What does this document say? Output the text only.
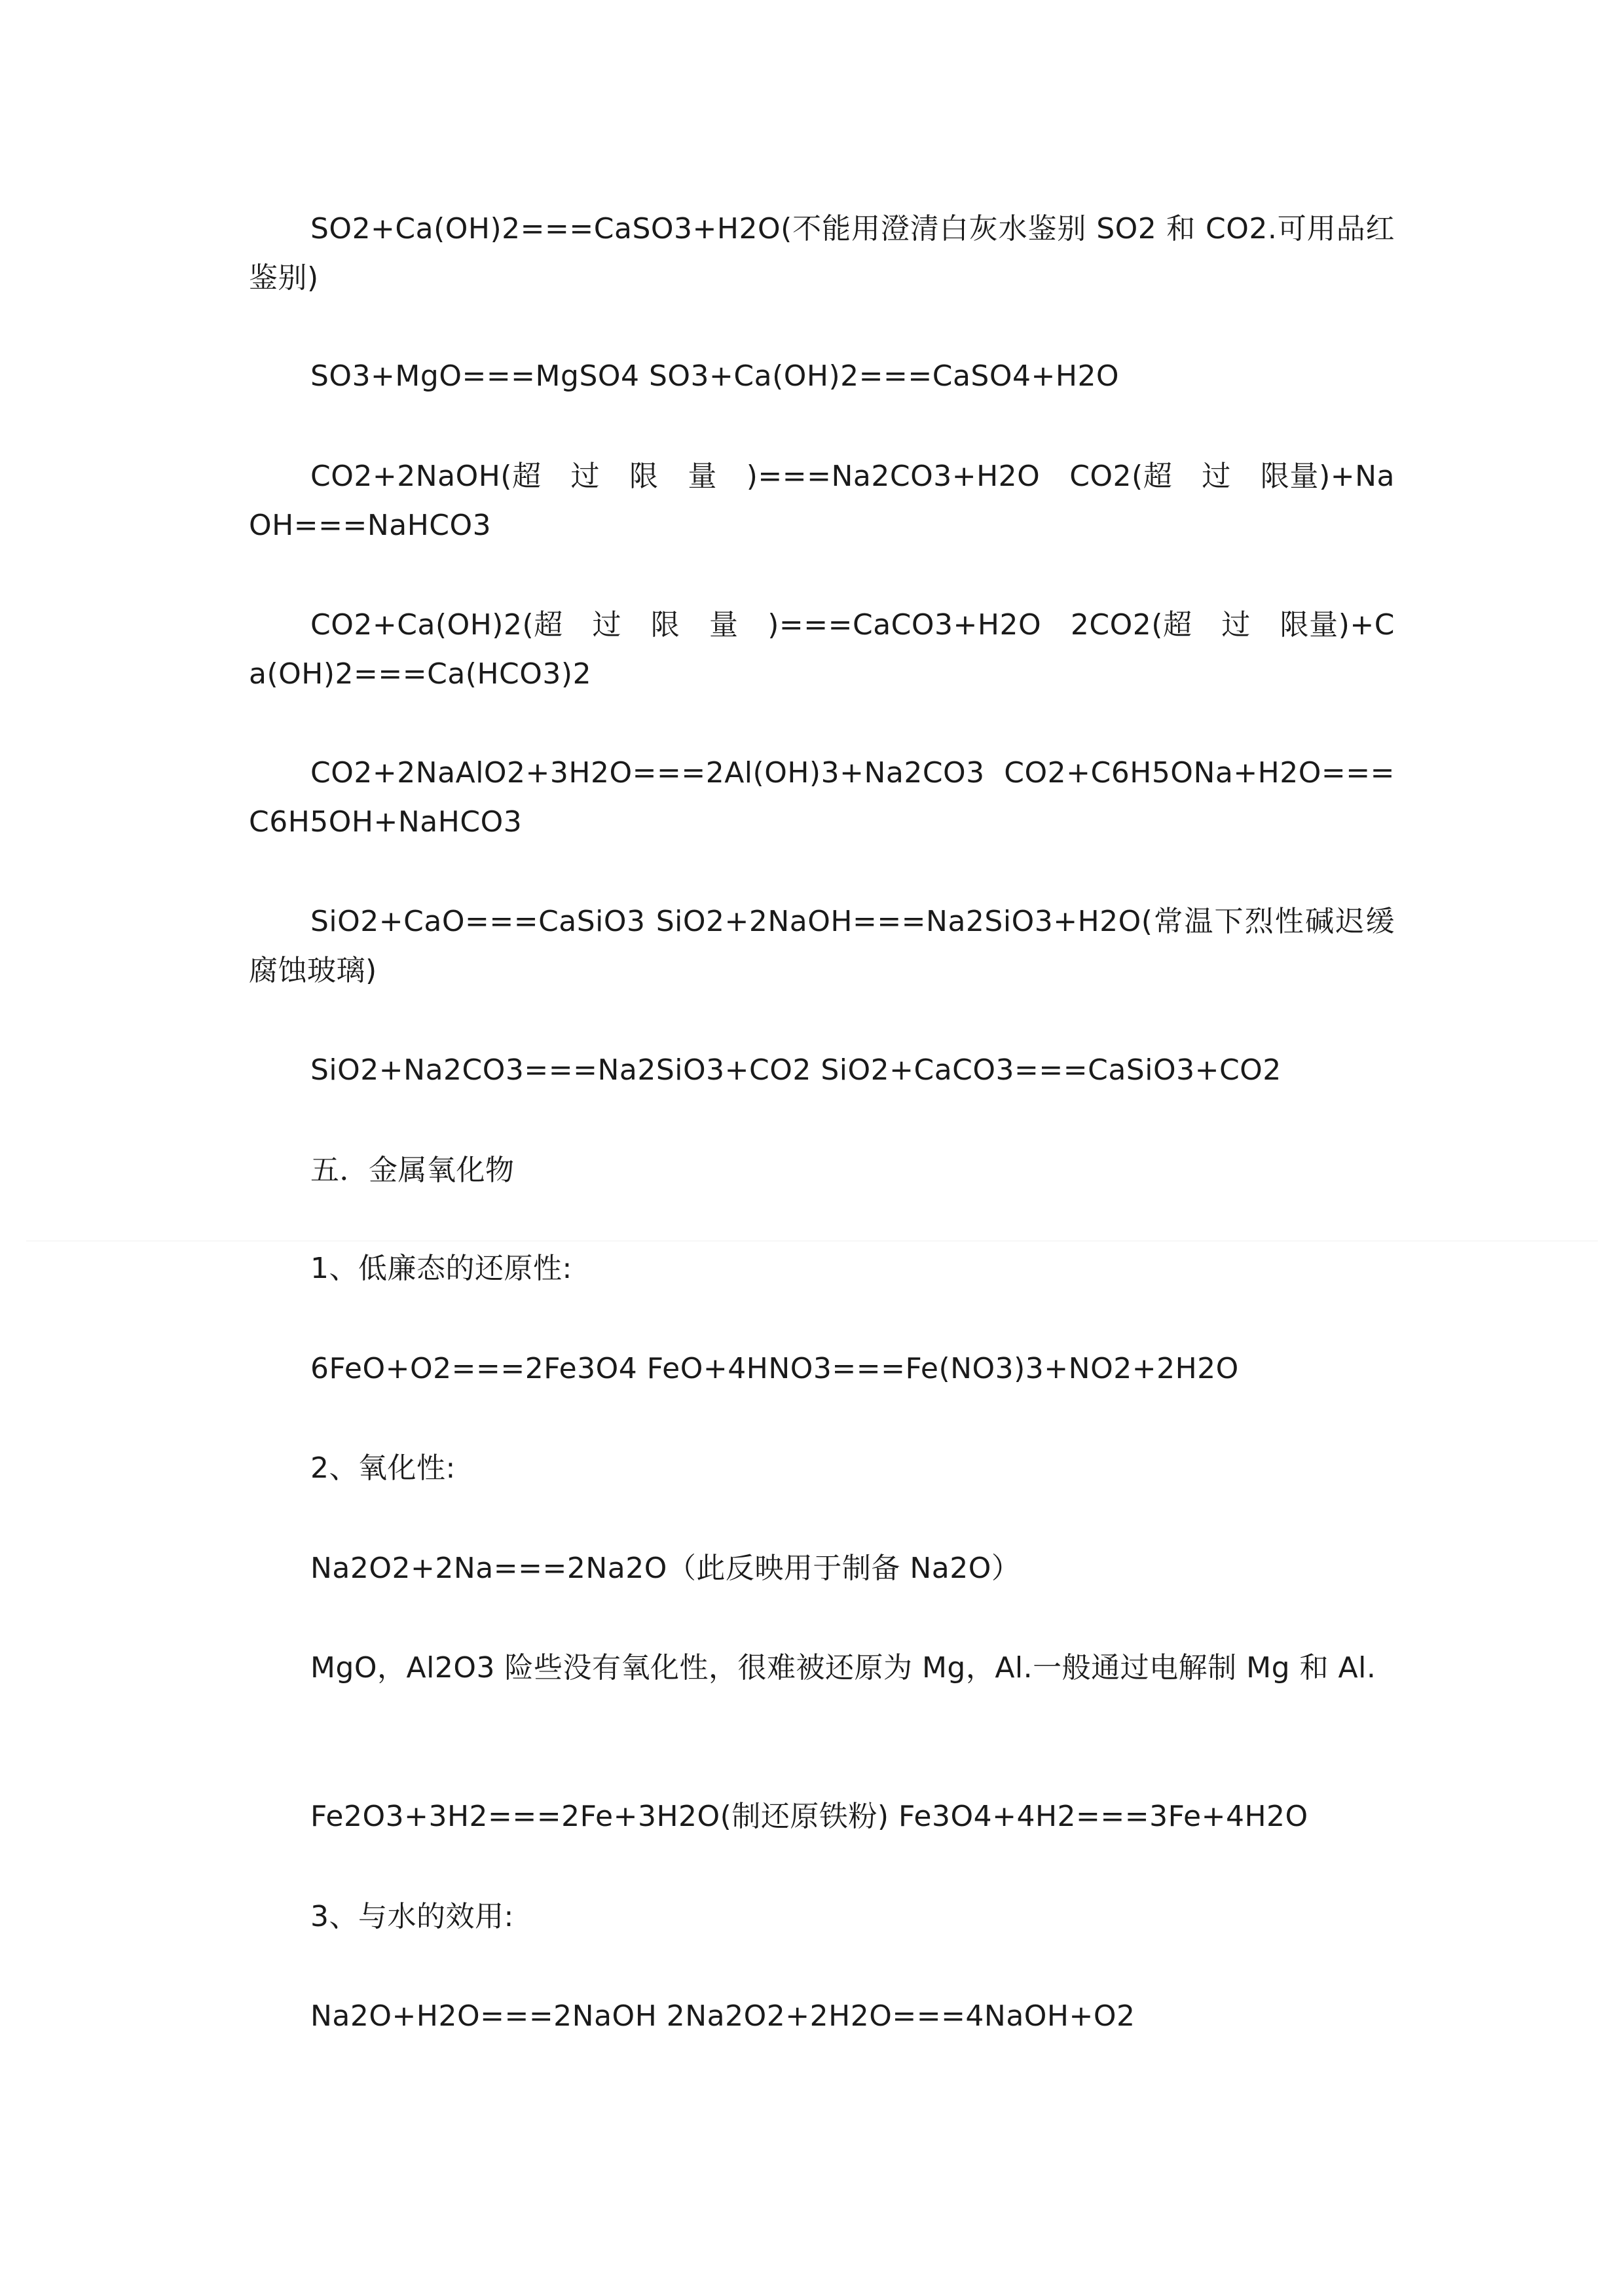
SO2+Ca(OH)2===CaSO3+H2O(不能用澄清白灰水鉴别 SO2 和 CO2.可用品红鉴别)

SO3+MgO===MgSO4 SO3+Ca(OH)2===CaSO4+H2O

CO2+2NaOH(超　过　限　量　)===Na2CO3+H2O　CO2(超　过　限量)+NaOH===NaHCO3

CO2+Ca(OH)2(超　过　限　量　)===CaCO3+H2O　2CO2(超　过　限量)+Ca(OH)2===Ca(HCO3)2

CO2+2NaAlO2+3H2O===2Al(OH)3+Na2CO3 CO2+C6H5ONa+H2O===C6H5OH+NaHCO3

SiO2+CaO===CaSiO3 SiO2+2NaOH===Na2SiO3+H2O(常温下烈性碱迟缓腐蚀玻璃)

SiO2+Na2CO3===Na2SiO3+CO2 SiO2+CaCO3===CaSiO3+CO2

五．金属氧化物

1、低廉态的还原性:

6FeO+O2===2Fe3O4 FeO+4HNO3===Fe(NO3)3+NO2+2H2O

2、氧化性:

Na2O2+2Na===2Na2O（此反映用于制备 Na2O）

MgO，Al2O3 险些没有氧化性，很难被还原为 Mg，Al.一般通过电解制 Mg 和 Al.

Fe2O3+3H2===2Fe+3H2O(制还原铁粉) Fe3O4+4H2===3Fe+4H2O

3、与水的效用:

Na2O+H2O===2NaOH 2Na2O2+2H2O===4NaOH+O2
